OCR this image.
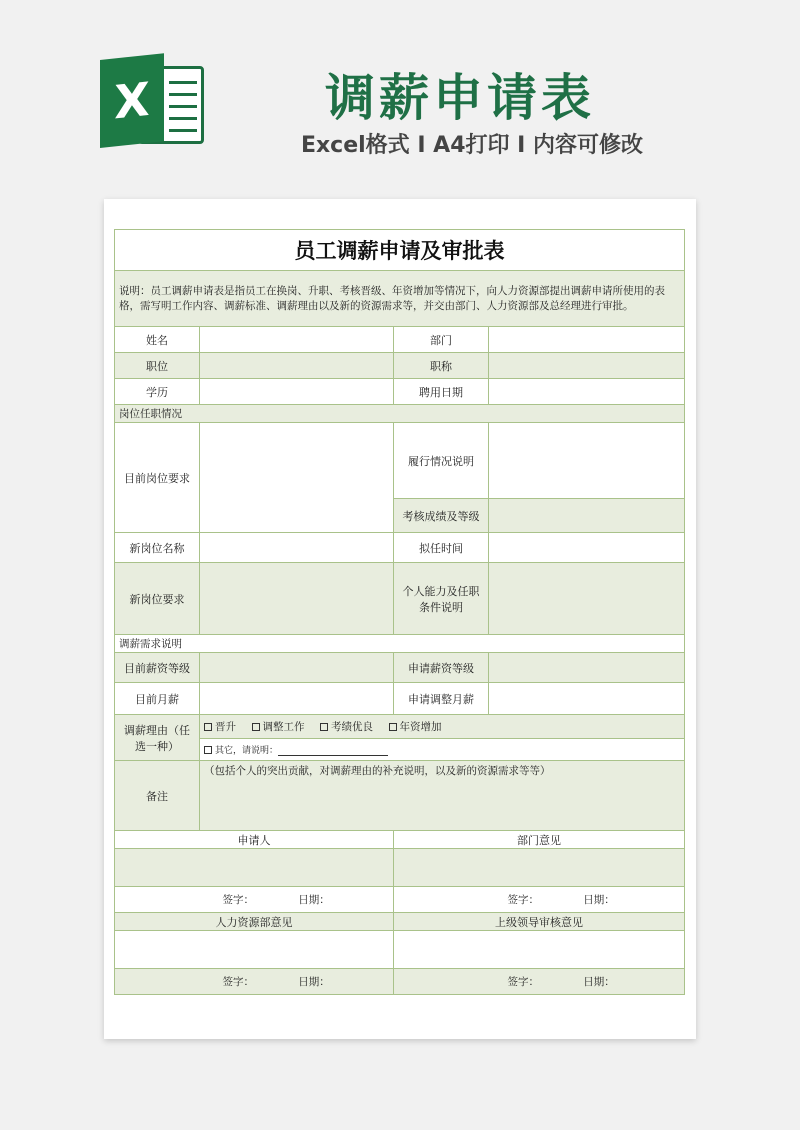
X	调薪申请表
Excel格式 I A4打印 I 内容可修改
员工调薪申请及审批表			
说明：员工调薪申请表是指员工在换岗、升职、考核晋级、年资增加等情况下，向人力资源部提出调薪申请所使用的表格，需写明工作内容、调薪标准、调薪理由以及新的资源需求等，并交由部门、人力资源部及总经理进行审批。			
姓名		部门	
职位		职称	
学历		聘用日期	
岗位任职情况			
目前岗位要求		履行情况说明	
		考核成绩及等级	
新岗位名称		拟任时间	
新岗位要求		个人能力及任职条件说明	
调薪需求说明			
目前薪资等级		申请薪资等级	
目前月薪		申请调整月薪	
调薪理由（任选一种）	晋升 调整工作 考绩优良 年资增加		
	其它，请说明：		
备注	（包括个人的突出贡献，对调薪理由的补充说明，以及新的资源需求等等）		
申请人		部门意见	

签字： 日期：		签字： 日期：	
人力资源部意见		上级领导审核意见	

签字： 日期：		签字： 日期：	
